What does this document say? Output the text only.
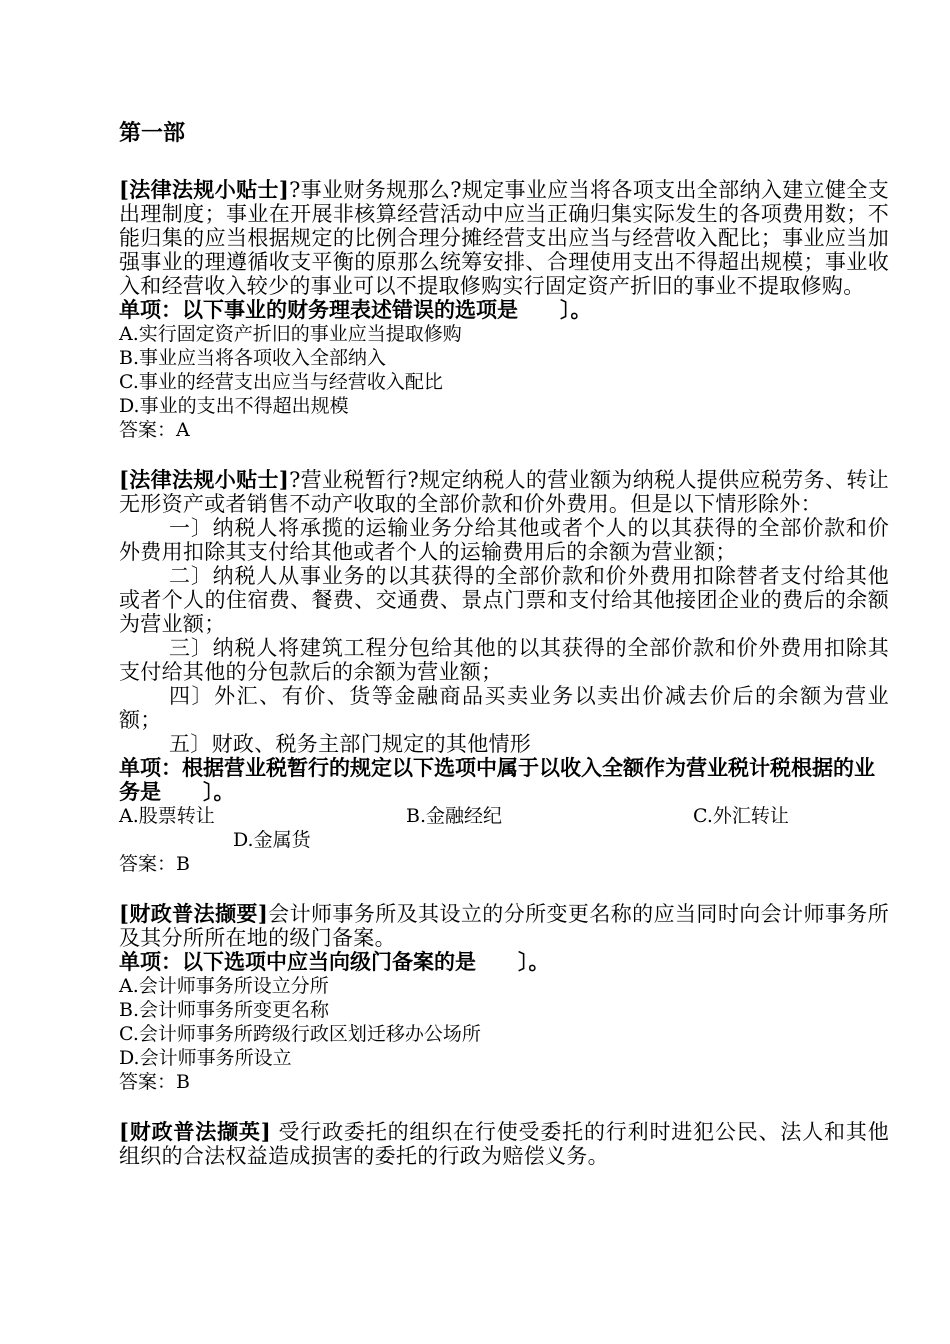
第一部

[法律法规小贴士]?事业财务规那么?规定事业应当将各项支出全部纳入建立健全支出理制度；事业在开展非核算经营活动中应当正确归集实际发生的各项费用数；不能归集的应当根据规定的比例合理分摊经营支出应当与经营收入配比；事业应当加强事业的理遵循收支平衡的原那么统筹安排、合理使用支出不得超出规模；事业收入和经营收入较少的事业可以不提取修购实行固定资产折旧的事业不提取修购。

单项：以下事业的财务理表述错误的选项是　　〕。

A.实行固定资产折旧的事业应当提取修购

B.事业应当将各项收入全部纳入

C.事业的经营支出应当与经营收入配比

D.事业的支出不得超出规模

答案：A

[法律法规小贴士]?营业税暂行?规定纳税人的营业额为纳税人提供应税劳务、转让无形资产或者销售不动产收取的全部价款和价外费用。但是以下情形除外：

一〕纳税人将承揽的运输业务分给其他或者个人的以其获得的全部价款和价外费用扣除其支付给其他或者个人的运输费用后的余额为营业额；

二〕纳税人从事业务的以其获得的全部价款和价外费用扣除替者支付给其他或者个人的住宿费、餐费、交通费、景点门票和支付给其他接团企业的费后的余额为营业额；

三〕纳税人将建筑工程分包给其他的以其获得的全部价款和价外费用扣除其支付给其他的分包款后的余额为营业额；

四〕外汇、有价、货等金融商品买卖业务以卖出价减去价后的余额为营业额；

五〕财政、税务主部门规定的其他情形

单项：根据营业税暂行的规定以下选项中属于以收入全额作为营业税计税根据的业务是　　〕。

A.股票转让	B.金融经纪	C.外汇转让
D.金属货

答案：B

[财政普法撷要]会计师事务所及其设立的分所变更名称的应当同时向会计师事务所及其分所所在地的级门备案。

单项：以下选项中应当向级门备案的是　　〕。

A.会计师事务所设立分所

B.会计师事务所变更名称

C.会计师事务所跨级行政区划迁移办公场所

D.会计师事务所设立

答案：B

[财政普法撷英] 受行政委托的组织在行使受委托的行利时进犯公民、法人和其他组织的合法权益造成损害的委托的行政为赔偿义务。
